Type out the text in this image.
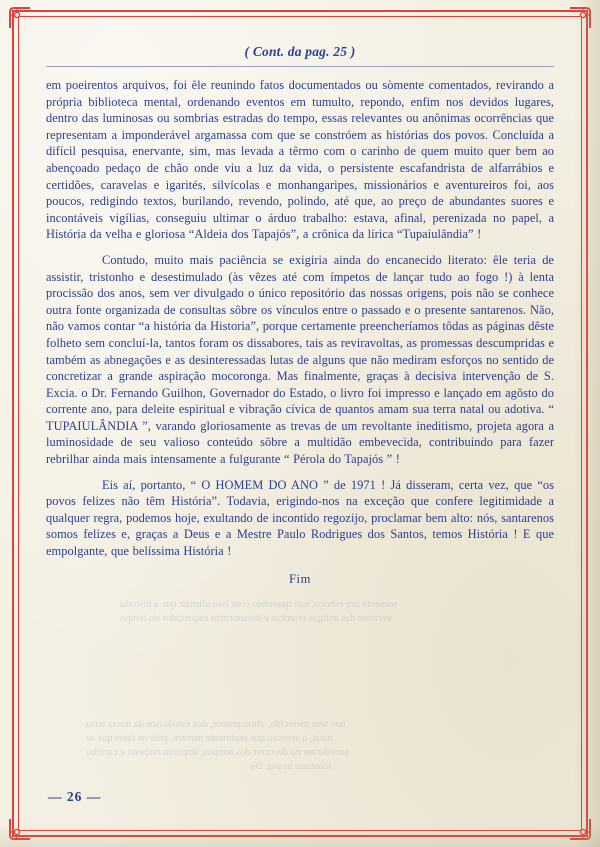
( Cont. da pag. 25 )

em poeirentos arquivos, foi êle reunindo fatos documentados ou sòmente comentados, revirando a própria biblioteca mental, ordenando eventos em tumulto, repondo, enfim nos devidos lugares, dentro das luminosas ou sombrias estradas do tempo, essas relevantes ou anônimas ocorrências que representam a imponderável argamassa com que se constróem as histórias dos povos. Concluída a difícil pesquisa, enervante, sim, mas levada a têrmo com o carinho de quem muito quer bem ao abençoado pedaço de chão onde viu a luz da vida, o persistente escafandrista de alfarrábios e certidões, caravelas e igarités, silvícolas e monhangaripes, missionários e aventureiros foi, aos poucos, redigindo textos, burilando, revendo, polindo, até que, ao preço de abundantes suores e incontáveis vigílias, conseguiu ultimar o árduo trabalho: estava, afinal, perenizada no papel, a História da velha e gloriosa “Aldeia dos Tapajós”, a crônica da lírica “Tupaiulândia” !

Contudo, muito mais paciência se exigiria ainda do encanecido literato: êle teria de assistir, tristonho e desestimulado (às vêzes até com ímpetos de lançar tudo ao fogo !) à lenta procissão dos anos, sem ver divulgado o único repositório das nossas origens, pois não se conhece outra fonte organizada de consultas sôbre os vínculos entre o passado e o presente santarenos. Não, não vamos contar “a história da Historia”, porque certamente preencheríamos tôdas as páginas dêste folheto sem concluí-la, tantos foram os dissabores, tais as reviravoltas, as promessas descumpridas e também as abnegações e as desinteressadas lutas de alguns que não mediram esforços no sentido de concretizar a grande aspiração mocoronga. Mas finalmente, graças à decisiva intervenção de S. Excia. o Dr. Fernando Guilhon, Governador do Estado, o livro foi impresso e lançado em agôsto do corrente ano, para deleite espiritual e vibração cívica de quantos amam sua terra natal ou adotiva. “ TUPAIULÂNDIA ”, varando gloriosamente as trevas de um revoltante ineditismo, projeta agora a luminosidade de seu valioso conteúdo sôbre a multidão embevecida, contribuindo para fazer rebrilhar ainda mais intensamente a fulgurante “ Pérola do Tapajós ” !

Eis aí, portanto, “ O HOMEM DO ANO ” de 1971 ! Já disseram, certa vez, que “os povos felizes não têm História”. Todavia, erigindo-nos na exceção que confere legitimidade a qualquer regra, podemos hoje, exultando de incontido regozijo, proclamar bem alto: nós, santarenos somos felizes e, graças a Deus e a Mestre Paulo Rodrigues dos Santos, temos História ! E que empolgante, que belíssima História !

Fim
— 26 —
somente um esboco, nao querendo com isso afirmar que a historia
vertente das antigas cronicas e documentos esquecidos do tempo
nao tem merecido, ultimamente, dos estudiosos da nossa terra
natal, a atencao que realmente merece, pois os fatos que se
sucederam no decorrer dos tempos, impoem respeito e carinho
(continua na pag. 26)
